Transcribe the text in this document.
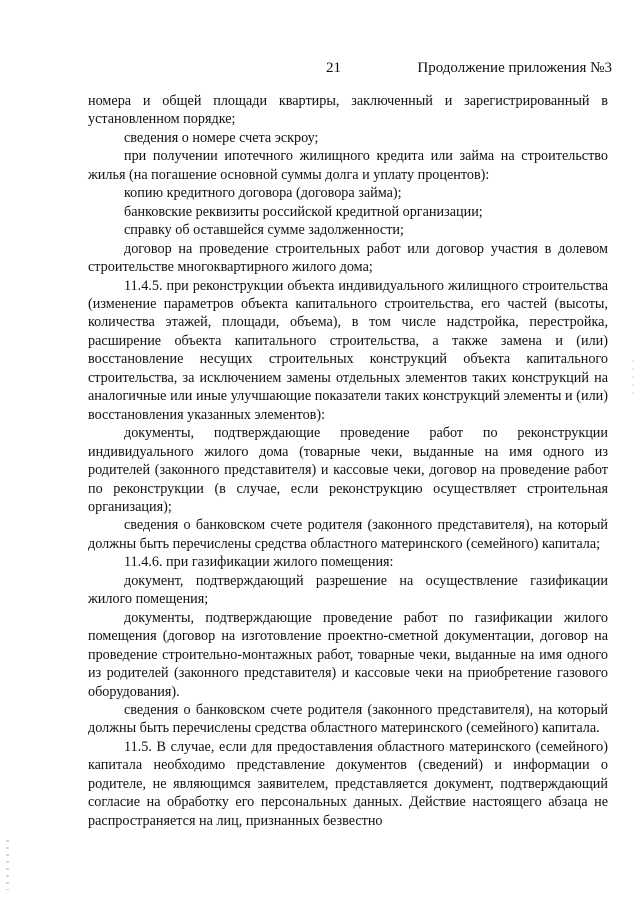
21	Продолжение приложения №3

номера и общей площади квартиры, заключенный и зарегистрированный в установленном порядке;

сведения о номере счета эскроу;

при получении ипотечного жилищного кредита или займа на строительство жилья (на погашение основной суммы долга и уплату процентов):

копию кредитного договора (договора займа);

банковские реквизиты российской кредитной организации;

справку об оставшейся сумме задолженности;

договор на проведение строительных работ или договор участия в долевом строительстве многоквартирного жилого дома;

11.4.5. при реконструкции объекта индивидуального жилищного строительства (изменение параметров объекта капитального строительства, его частей (высоты, количества этажей, площади, объема), в том числе надстройка, перестройка, расширение объекта капитального строительства, а также замена и (или) восстановление несущих строительных конструкций объекта капитального строительства, за исключением замены отдельных элементов таких конструкций на аналогичные или иные улучшающие показатели таких конструкций элементы и (или) восстановления указанных элементов):

документы, подтверждающие проведение работ по реконструкции индивидуального жилого дома (товарные чеки, выданные на имя одного из родителей (законного представителя) и кассовые чеки, договор на проведение работ по реконструкции (в случае, если реконструкцию осуществляет строительная организация);

сведения о банковском счете родителя (законного представителя), на который должны быть перечислены средства областного материнского (семейного) капитала;

11.4.6. при газификации жилого помещения:

документ, подтверждающий разрешение на осуществление газификации жилого помещения;

документы, подтверждающие проведение работ по газификации жилого помещения (договор на изготовление проектно-сметной документации, договор на проведение строительно-монтажных работ, товарные чеки, выданные на имя одного из родителей (законного представителя) и кассовые чеки на приобретение газового оборудования).

сведения о банковском счете родителя (законного представителя), на который должны быть перечислены средства областного материнского (семейного) капитала.

11.5. В случае, если для предоставления областного материнского (семейного) капитала необходимо представление документов (сведений) и информации о родителе, не являющимся заявителем, представляется документ, подтверждающий согласие на обработку его персональных данных. Действие настоящего абзаца не распространяется на лиц, признанных безвестно
